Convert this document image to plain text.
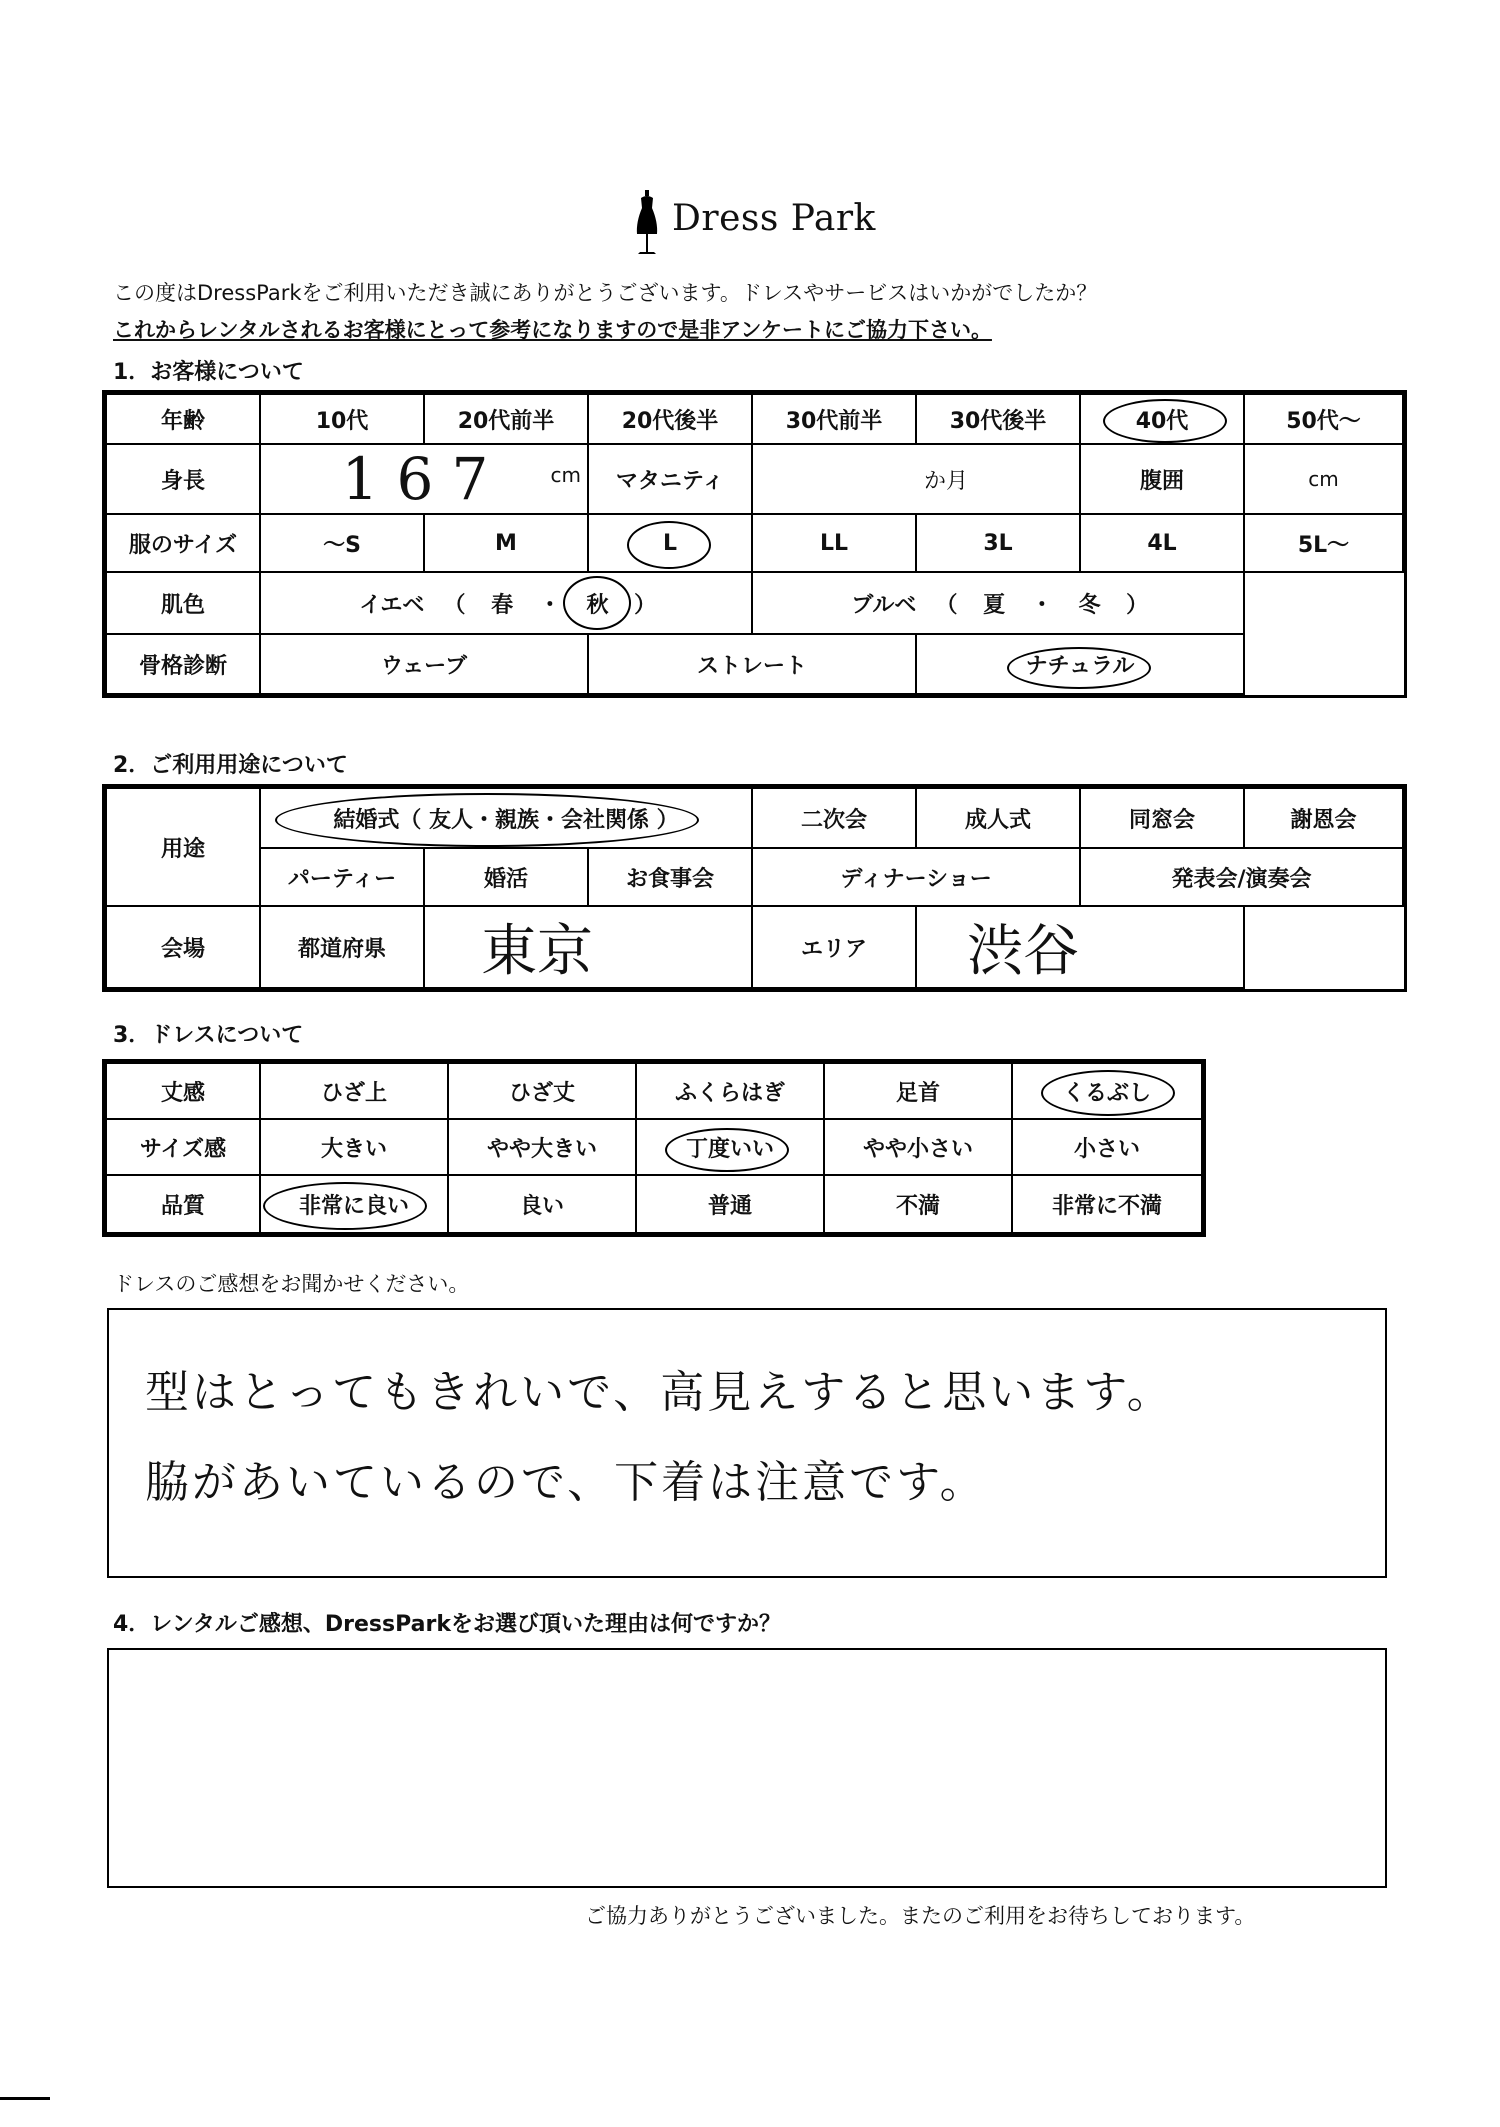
Dress Park
この度はDressParkをご利用いただき誠にありがとうございます。ドレスやサービスはいかがでしたか？
これからレンタルされるお客様にとって参考になりますので是非アンケートにご協力下さい。
1．お客様について
年齢	10代	20代前半	20代後半	30代前半	30代後半	40代	50代～
身長	167 cm		マタニティ	か月		腹囲	cm
服のサイズ	～S	M	L	LL	3L	4L	5L～
肌色	イエベ （ 春 ・ 秋 ）			ブルベ （ 夏 ・ 冬 ）			
骨格診断	ウェーブ		ストレート		ナチュラル	

2．ご利用用途について
用途	結婚式（ 友人・親族・会社関係 ）			二次会	成人式	同窓会	謝恩会
	パーティー	婚活	お食事会	ディナーショー		発表会/演奏会	
会場	都道府県	東京		エリア	渋谷		
3．ドレスについて
丈感	ひざ上	ひざ丈	ふくらはぎ	足首	くるぶし

サイズ感	大きい	やや大きい	丁度いい	やや小さい	小さい
品質	非常に良い	良い	普通	不満	非常に不満
ドレスのご感想をお聞かせください。
型はとってもきれいで、高見えすると思います。
脇があいているので、下着は注意です。
4．レンタルご感想、DressParkをお選び頂いた理由は何ですか？
ご協力ありがとうございました。またのご利用をお待ちしております。
